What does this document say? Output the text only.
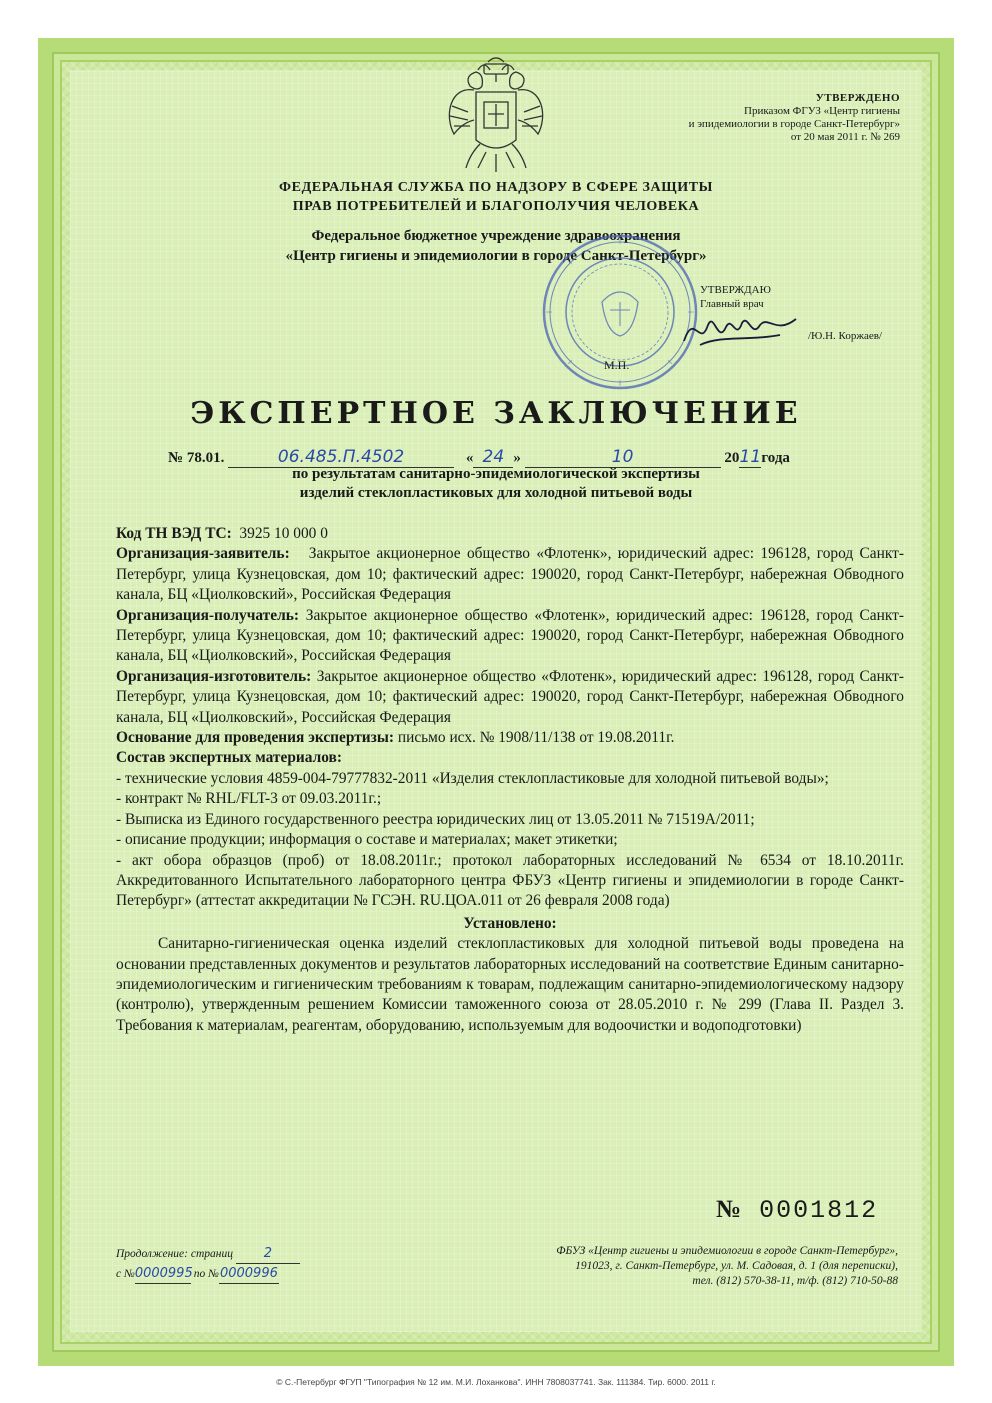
УТВЕРЖДЕНО
Приказом ФГУЗ «Центр гигиены
и эпидемиологии в городе Санкт-Петербург»
от 20 мая 2011 г. № 269
ФЕДЕРАЛЬНАЯ СЛУЖБА ПО НАДЗОРУ В СФЕРЕ ЗАЩИТЫ
ПРАВ ПОТРЕБИТЕЛЕЙ И БЛАГОПОЛУЧИЯ ЧЕЛОВЕКА
Федеральное бюджетное учреждение здравоохранения
«Центр гигиены и эпидемиологии в городе Санкт-Петербург»
УТВЕРЖДАЮ
Главный врач
/Ю.Н. Коржаев/
М.П.
ЭКСПЕРТНОЕ ЗАКЛЮЧЕНИЕ
№ 78.01.	06.485.П.4502	« 24 »	10	2011года
по результатам санитарно-эпидемиологической экспертизы
изделий стеклопластиковых для холодной питьевой воды

Код ТН ВЭД ТС: 3925 10 000 0

Организация-заявитель: Закрытое акционерное общество «Флотенк», юридический адрес: 196128, город Санкт-Петербург, улица Кузнецовская, дом 10; фактический адрес: 190020, город Санкт-Петербург, набережная Обводного канала, БЦ «Циолковский», Российская Федерация

Организация-получатель: Закрытое акционерное общество «Флотенк», юридический адрес: 196128, город Санкт-Петербург, улица Кузнецовская, дом 10; фактический адрес: 190020, город Санкт-Петербург, набережная Обводного канала, БЦ «Циолковский», Российская Федерация

Организация-изготовитель: Закрытое акционерное общество «Флотенк», юридический адрес: 196128, город Санкт-Петербург, улица Кузнецовская, дом 10; фактический адрес: 190020, город Санкт-Петербург, набережная Обводного канала, БЦ «Циолковский», Российская Федерация

Основание для проведения экспертизы: письмо исх. № 1908/11/138 от 19.08.2011г.

Состав экспертных материалов:

- технические условия 4859-004-79777832-2011 «Изделия стеклопластиковые для холодной питьевой воды»;

- контракт № RHL/FLT-3 от 09.03.2011г.;

- Выписка из Единого государственного реестра юридических лиц от 13.05.2011 № 71519А/2011;

- описание продукции; информация о составе и материалах; макет этикетки;

- акт обора образцов (проб) от 18.08.2011г.; протокол лабораторных исследований № 6534 от 18.10.2011г. Аккредитованного Испытательного лабораторного центра ФБУЗ «Центр гигиены и эпидемиологии в городе Санкт-Петербург» (аттестат аккредитации № ГСЭН. RU.ЦОА.011 от 26 февраля 2008 года)

Установлено:

Санитарно-гигиеническая оценка изделий стеклопластиковых для холодной питьевой воды проведена на основании представленных документов и результатов лабораторных исследований на соответствие Единым санитарно-эпидемиологическим и гигиеническим требованиям к товарам, подлежащим санитарно-эпидемиологическому надзору (контролю), утвержденным решением Комиссии таможенного союза от 28.05.2010 г. № 299 (Глава II. Раздел 3. Требования к материалам, реагентам, оборудованию, используемым для водоочистки и водоподготовки)

№ 0001812
Продолжение: страниц 2
с №0000995 по №0000996
ФБУЗ «Центр гигиены и эпидемиологии в городе Санкт-Петербург»,
191023, г. Санкт-Петербург, ул. М. Садовая, д. 1 (для переписки),
тел. (812) 570-38-11, т/ф. (812) 710-50-88
© С.-Петербург ФГУП "Типография № 12 им. М.И. Лоханкова". ИНН 7808037741. Зак. 111384. Тир. 6000. 2011 г.
